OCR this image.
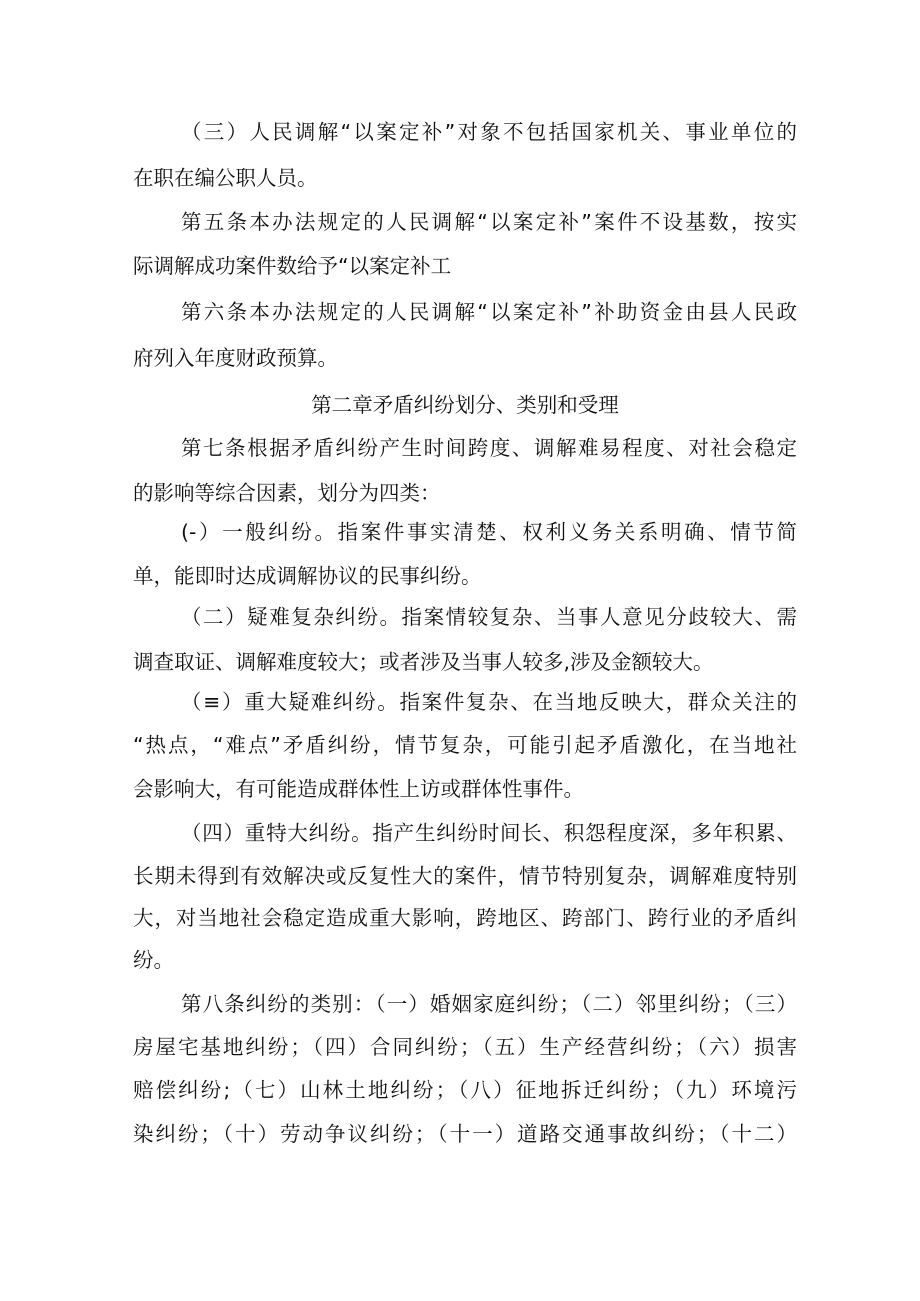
（三）人民调解“以案定补”对象不包括国家机关、事业单位的
在职在编公职人员。
第五条本办法规定的人民调解“以案定补”案件不设基数，按实
际调解成功案件数给予“以案定补工
第六条本办法规定的人民调解“以案定补”补助资金由县人民政
府列入年度财政预算。
第二章矛盾纠纷划分、类别和受理
第七条根据矛盾纠纷产生时间跨度、调解难易程度、对社会稳定
的影响等综合因素，划分为四类：
(-）一般纠纷。指案件事实清楚、权利义务关系明确、情节简
单，能即时达成调解协议的民事纠纷。
（二）疑难复杂纠纷。指案情较复杂、当事人意见分歧较大、需
调查取证、调解难度较大；或者涉及当事人较多,涉及金额较大。
（≡）重大疑难纠纷。指案件复杂、在当地反映大，群众关注的
“热点，“难点”矛盾纠纷，情节复杂，可能引起矛盾激化，在当地社
会影响大，有可能造成群体性上访或群体性事件。
（四）重特大纠纷。指产生纠纷时间长、积怨程度深，多年积累、
长期未得到有效解决或反复性大的案件，情节特别复杂，调解难度特别
大，对当地社会稳定造成重大影响，跨地区、跨部门、跨行业的矛盾纠
纷。
第八条纠纷的类别：（一）婚姻家庭纠纷；（二）邻里纠纷；（三）
房屋宅基地纠纷；（四）合同纠纷；（五）生产经营纠纷；（六）损害
赔偿纠纷;（七）山林土地纠纷；（八）征地拆迁纠纷；（九）环境污
染纠纷；（十）劳动争议纠纷；（十一）道路交通事故纠纷；（十二）
